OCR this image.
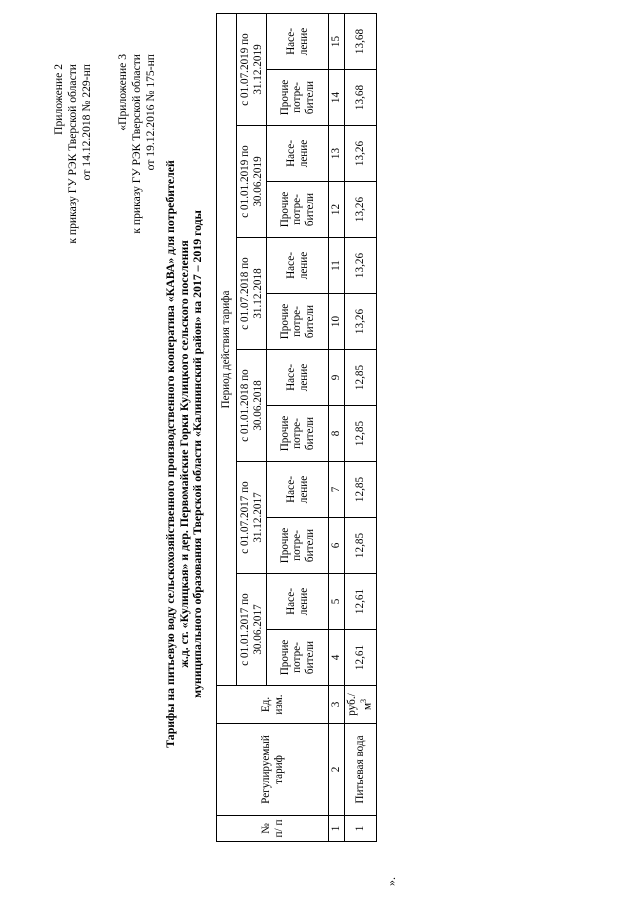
Приложение 2 к приказу ГУ РЭК Тверской области от 14.12.2018 № 229-нп «Приложение 3 к приказу ГУ РЭК Тверской области от 19.12.2016 № 175-нп
Тарифы на питьевую воду сельскохозяйственного производственного кооператива «КАВА» для потребителей ж.д. ст. «Кулицкая» и дер. Первомайские Горки Кулицкого сельского поселения муниципального образования Тверской области «Калининский район» на 2017 – 2019 годы
№ п/ п	Регулируемый тариф	Ед. изм.	Период действия тарифа											
			с 01.01.2017 по 30.06.2017		с 01.07.2017 по 31.12.2017		с 01.01.2018 по 30.06.2018		с 01.07.2018 по 31.12.2018		с 01.01.2019 по 30.06.2019		с 01.07.2019 по 31.12.2019	
			Прочие потре- бители	Насе- ление	Прочие потре- бители	Насе- ление	Прочие потре- бители	Насе- ление	Прочие потре- бители	Насе- ление	Прочие потре- бители	Насе- ление	Прочие потре- бители	Насе- ление
1	2	3	4	5	6	7	8	9	10	11	12	13	14	15
1	Питьевая вода	$руб./м^3$	12,61	12,61	12,85	12,85	12,85	12,85	13,26	13,26	13,26	13,26	13,68	13,68
».
